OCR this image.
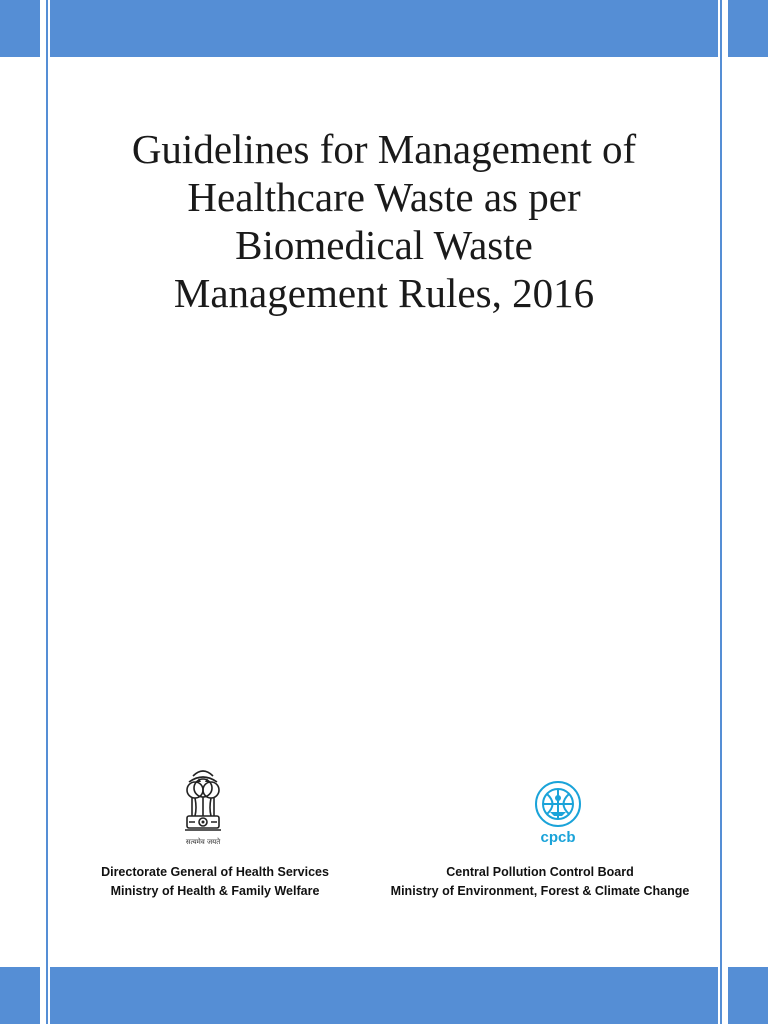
Guidelines for Management of
Healthcare Waste as per
Biomedical Waste
Management Rules, 2016
सत्यमेव जयते	cpcb
Directorate General of Health Services
Ministry of Health & Family Welfare
Central Pollution Control Board
Ministry of Environment, Forest & Climate Change
